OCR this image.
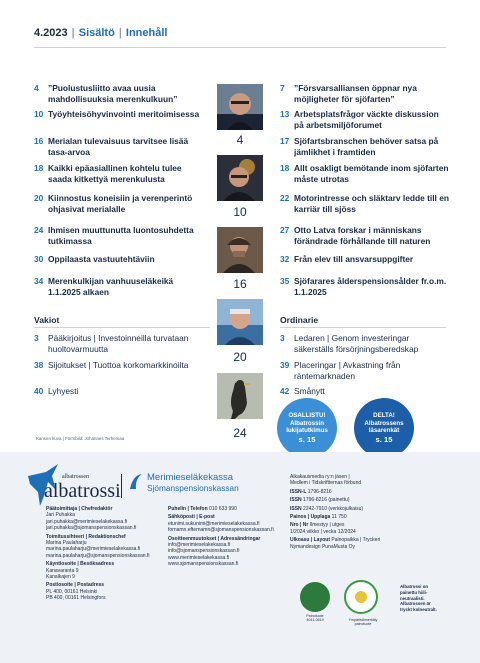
4.2023 | Sisältö | Innehåll
4 ”Puolustusliitto avaa uusia mahdollisuuksia merenkulkuun”
10 Työyhteisöhyvinvointi meritoimisessa
16 Merialan tulevaisuus tarvitsee lisää tasa-arvoa
18 Kaikki epäasiallinen kohtelu tulee saada kitkettyä merenkulusta
20 Kiinnostus koneisiin ja verenperintö ohjasivat merialalle
24 Ihmisen muuttunutta luontosuhdetta tutkimassa
30 Oppilaasta vastuutehtäviin
34 Merenkulkijan vanhuuseläkeikä 1.1.2025 alkaen
7 ”Försvarsalliansen öppnar nya möjligheter för sjöfarten”
13 Arbetsplatsfrågor väckte diskussion på arbetsmiljöforumet
17 Sjöfartsbranschen behöver satsa på jämlikhet i framtiden
18 Allt osakligt bemötande inom sjöfarten måste utrotas
22 Motorintresse och släktarv ledde till en karriär till sjöss
27 Otto Latva forskar i människans förändrade förhållande till naturen
32 Från elev till ansvarsuppgifter
35 Sjöfarares ålderspensionsålder fr.o.m. 1.1.2025
4
10
16
20
24
Vakiot
3 Pääkirjoitus | Investoinneilla turvataan huoltovarmuutta
38 Sijoitukset | Tuottoa korkomarkkinoilta
40 Lyhyesti
Ordinarie
3 Ledaren | Genom investeringar säkerställs försörjningsberedskap
39 Placeringar | Avkastning från räntemarknaden
42 Smånytt
Kansen kuva | Förmbild: Johannes Terhemaa
OSALLISTU!
Albatrossin
lukijatutkimus
s. 15
DELTA!
Albatrossens
läsarenkät
s. 15
albatrossen
albatrossi
Merimieseläkekassa
Sjömanspensionskassan
Päätoimittaja | Chefredaktör
Jari Puhakka
jari.puhakka@merimieselakekassa.fi
jari.puhakka@sjomanspensionskassan.fi
Toimitussihteeri | Redaktionschef
Marina Paulaharju
marina.paulaharju@merimieselakekassa.fi
marina.paulaharju@sjomanspensionskassan.fi
Käyntiosoite | Besöksadress
Kanavaranta 9
Kanalkajen 9
Postiosoite | Postadress
PL 400, 00161 Helsinki
PB 400, 00161 Helsingfors
Puhelin | Telefon 010 633 990
Sähköposti | E-post
etunimi.sukunimi@merimieselakekassa.fi
fornamn.efternamn@sjomanspensionskassan.fi
Osoitteenmuutokset | Adressändringar
info@merimieselakekassa.fi
info@sjomanspensionskassan.fi
www.merimieselakekassa.fi
www.sjomanspensionskassan.fi
Aikakausmedia ry:n jäsen |
Medlem i Tidskriftternas förbund
ISSN-L 1796-8216
ISSN 1796-8216 (painettu)
ISSN 2242-7910 (verkkojulkaisu)
Painos | Upplaga 11 750
Nro | Nr Ilmestyy | utges
1/2024 viikko | vecka 12/2024
Ulkoasu | Layout Painopaikka | Tryckeri
Nymandesign PunaMusta Oy
Painotuote
4041-0619	Ympäristömerkitty painotuote
Albatrossi on painettu hiili-neutraalisti. Albatrossen är tryckt kolneutralt.
